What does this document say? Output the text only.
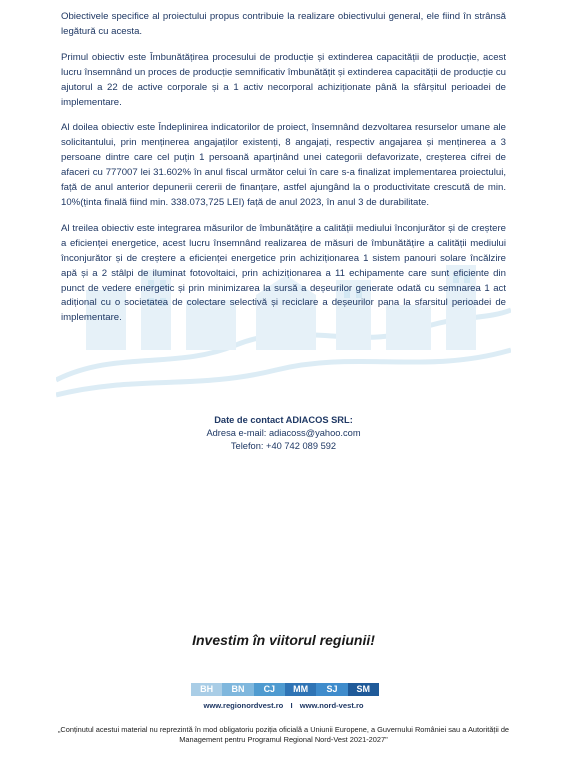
Obiectivele specifice al proiectului propus contribuie la realizare obiectivului general, ele fiind în strânsă legătură cu acesta.

Primul obiectiv este Îmbunătățirea procesului de producție și extinderea capacității de producție, acest lucru însemnând un proces de producție semnificativ îmbunătățit și extinderea capacității de producție cu ajutorul a 22 de active corporale și a 1 activ necorporal achiziționate până la sfârșitul perioadei de implementare.

Al doilea obiectiv este Îndeplinirea indicatorilor de proiect, însemnând dezvoltarea resurselor umane ale solicitantului, prin menținerea angajaților existenți, 8 angajați, respectiv angajarea și menținerea a 3 persoane dintre care cel puțin 1 persoană aparținând unei categorii defavorizate, creșterea cifrei de afaceri cu 777007 lei 31.602% în anul fiscal următor celui în care s-a finalizat implementarea proiectului, față de anul anterior depunerii cererii de finanțare, astfel ajungând la o productivitate crescută de min. 10%(ținta finală fiind min. 338.073,725 LEI) față de anul 2023, în anul 3 de durabilitate.

Al treilea obiectiv este integrarea măsurilor de îmbunătățire a calității mediului înconjurător și de creștere a eficienței energetice, acest lucru însemnând realizarea de măsuri de îmbunătățire a calității mediului înconjurător și de creștere a eficienței energetice prin achiziționarea 1 sistem panouri solare încălzire apă și a 2 stâlpi de iluminat fotovoltaici, prin achiziționarea a 11 echipamente care sunt eficiente din punct de vedere energetic și prin minimizarea la sursă a deșeurilor generate odată cu semnarea 1 act adițional cu o societatea de colectare selectivă și reciclare a deșeurilor pana la sfarsitul perioadei de implementare.

Date de contact ADIACOS SRL:
Adresa e-mail: adiacoss@yahoo.com
Telefon: +40 742 089 592
Investim în viitorul regiunii!
BH	BN	CJ	MM	SJ	SM
www.regionordvest.ro I www.nord-vest.ro
„Conținutul acestui material nu reprezintă în mod obligatoriu poziția oficială a Uniunii Europene, a Guvernului României sau a Autorității de Management pentru Programul Regional Nord-Vest 2021-2027"
